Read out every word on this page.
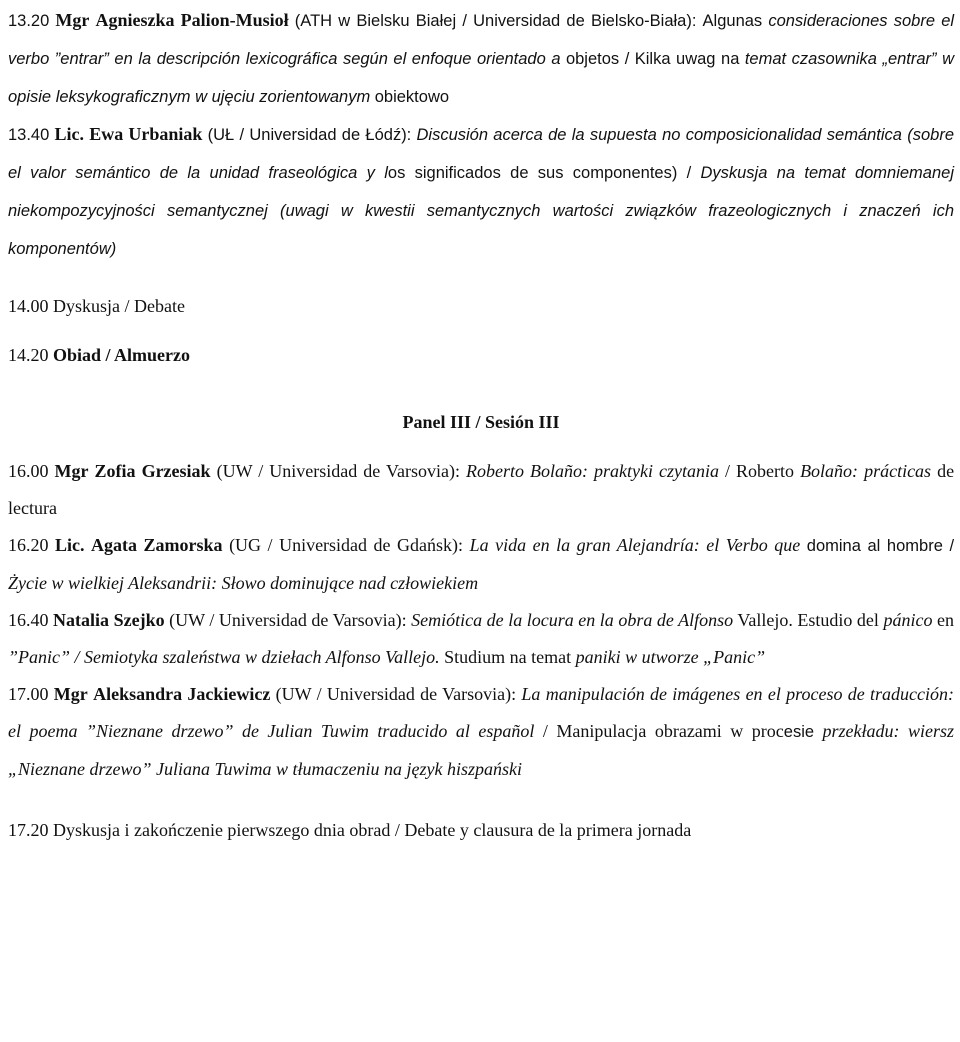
13.20 Mgr Agnieszka Palion-Musioł (ATH w Bielsku Białej / Universidad de Bielsko-Biała): Algunas consideraciones sobre el verbo ”entrar” en la descripción lexicográfica según el enfoque orientado a objetos / Kilka uwag na temat czasownika „entrar” w opisie leksykograficznym w ujęciu zorientowanym obiektowo

13.40 Lic. Ewa Urbaniak (UŁ / Universidad de Łódź): Discusión acerca de la supuesta no composicionalidad semántica (sobre el valor semántico de la unidad fraseológica y los significados de sus componentes) / Dyskusja na temat domniemanej niekompozycyjności semantycznej (uwagi w kwestii semantycznych wartości związków frazeologicznych i znaczeń ich komponentów)

14.00 Dyskusja / Debate

14.20 Obiad / Almuerzo

Panel III / Sesión III

16.00 Mgr Zofia Grzesiak (UW / Universidad de Varsovia): Roberto Bolaño: praktyki czytania / Roberto Bolaño: prácticas de lectura

16.20 Lic. Agata Zamorska (UG / Universidad de Gdańsk): La vida en la gran Alejandría: el Verbo que domina al hombre / Życie w wielkiej Aleksandrii: Słowo dominujące nad człowiekiem

16.40 Natalia Szejko (UW / Universidad de Varsovia): Semiótica de la locura en la obra de Alfonso Vallejo. Estudio del pánico en ”Panic” / Semiotyka szaleństwa w dziełach Alfonso Vallejo. Studium na temat paniki w utworze „Panic”

17.00 Mgr Aleksandra Jackiewicz (UW / Universidad de Varsovia): La manipulación de imágenes en el proceso de traducción: el poema ”Nieznane drzewo” de Julian Tuwim traducido al español / Manipulacja obrazami w procesie przekładu: wiersz „Nieznane drzewo” Juliana Tuwima w tłumaczeniu na język hiszpański

17.20 Dyskusja i zakończenie pierwszego dnia obrad / Debate y clausura de la primera jornada
